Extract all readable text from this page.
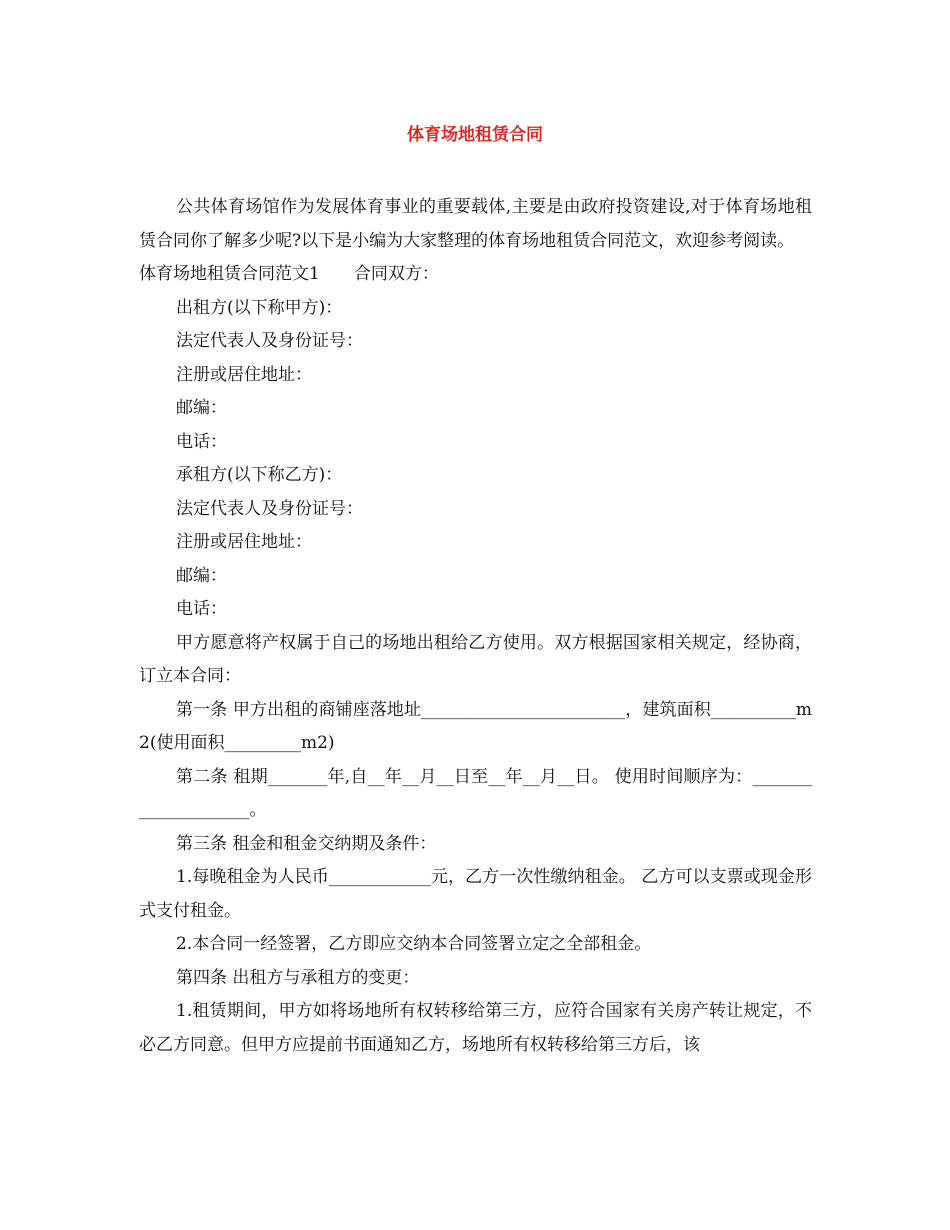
体育场地租赁合同

公共体育场馆作为发展体育事业的重要载体,主要是由政府投资建设,对于体育场地租赁合同你了解多少呢?以下是小编为大家整理的体育场地租赁合同范文，欢迎参考阅读。

体育场地租赁合同范文1　　合同双方：

出租方(以下称甲方)：

法定代表人及身份证号：

注册或居住地址：

邮编：

电话：

承租方(以下称乙方)：

法定代表人及身份证号：

注册或居住地址：

邮编：

电话：

甲方愿意将产权属于自己的场地出租给乙方使用。双方根据国家相关规定，经协商，订立本合同：

第一条 甲方出租的商铺座落地址________________________，建筑面积__________m2(使用面积_________m2)

第二条 租期_______年,自__年__月__日至__年__月__日。 使用时间顺序为：____________________。

第三条 租金和租金交纳期及条件：

1.每晚租金为人民币____________元，乙方一次性缴纳租金。 乙方可以支票或现金形式支付租金。

2.本合同一经签署，乙方即应交纳本合同签署立定之全部租金。

第四条 出租方与承租方的变更：

1.租赁期间，甲方如将场地所有权转移给第三方，应符合国家有关房产转让规定，不必乙方同意。但甲方应提前书面通知乙方，场地所有权转移给第三方后，该
